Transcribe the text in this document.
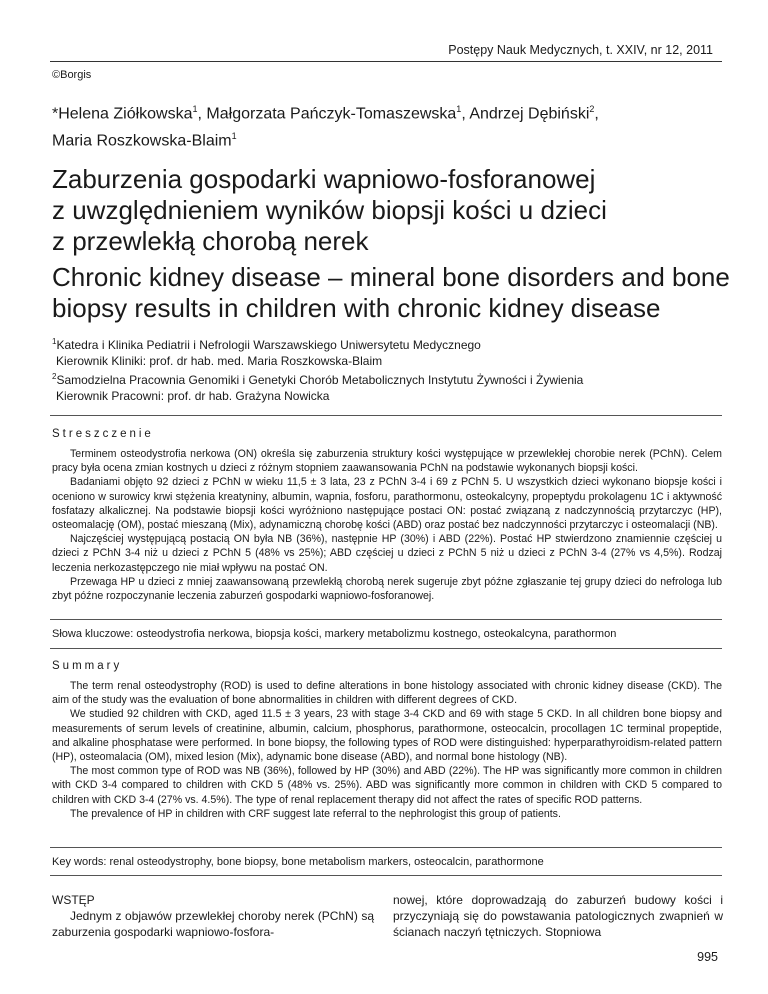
Postępy Nauk Medycznych, t. XXIV, nr 12, 2011
©Borgis
*Helena Ziółkowska$^1$, Małgorzata Pańczyk-Tomaszewska$^1$, Andrzej Dębiński$^2$,
Maria Roszkowska-Blaim$^1$
Zaburzenia gospodarki wapniowo-fosforanowej
z uwzględnieniem wyników biopsji kości u dzieci
z przewlekłą chorobą nerek
Chronic kidney disease – mineral bone disorders and bone
biopsy results in children with chronic kidney disease
$^1$Katedra i Klinika Pediatrii i Nefrologii Warszawskiego Uniwersytetu Medycznego
Kierownik Kliniki: prof. dr hab. med. Maria Roszkowska-Blaim
$^2$Samodzielna Pracownia Genomiki i Genetyki Chorób Metabolicznych Instytutu Żywności i Żywienia
Kierownik Pracowni: prof. dr hab. Grażyna Nowicka
Streszczenie

Terminem osteodystrofia nerkowa (ON) określa się zaburzenia struktury kości występujące w przewlekłej chorobie nerek (PChN). Celem pracy była ocena zmian kostnych u dzieci z różnym stopniem zaawansowania PChN na podstawie wykonanych biopsji kości.

Badaniami objęto 92 dzieci z PChN w wieku 11,5 ± 3 lata, 23 z PChN 3-4 i 69 z PChN 5. U wszystkich dzieci wykonano biopsje kości i oceniono w surowicy krwi stężenia kreatyniny, albumin, wapnia, fosforu, parathormonu, osteokalcyny, propeptydu prokolagenu 1C i aktywność fosfatazy alkalicznej. Na podstawie biopsji kości wyróżniono następujące postaci ON: postać związaną z nadczynnością przytarczyc (HP), osteomalację (OM), postać mieszaną (Mix), adynamiczną chorobę kości (ABD) oraz postać bez nadczynności przytarczyc i osteomalacji (NB).

Najczęściej występującą postacią ON była NB (36%), następnie HP (30%) i ABD (22%). Postać HP stwierdzono znamiennie częściej u dzieci z PChN 3-4 niż u dzieci z PChN 5 (48% vs 25%); ABD częściej u dzieci z PChN 5 niż u dzieci z PChN 3-4 (27% vs 4,5%). Rodzaj leczenia nerkozastępczego nie miał wpływu na postać ON.

Przewaga HP u dzieci z mniej zaawansowaną przewlekłą chorobą nerek sugeruje zbyt późne zgłaszanie tej grupy dzieci do nefrologa lub zbyt późne rozpoczynanie leczenia zaburzeń gospodarki wapniowo-fosforanowej.

Słowa kluczowe: osteodystrofia nerkowa, biopsja kości, markery metabolizmu kostnego, osteokalcyna, parathormon
Summary

The term renal osteodystrophy (ROD) is used to define alterations in bone histology associated with chronic kidney disease (CKD). The aim of the study was the evaluation of bone abnormalities in children with different degrees of CKD.

We studied 92 children with CKD, aged 11.5 ± 3 years, 23 with stage 3-4 CKD and 69 with stage 5 CKD. In all children bone biopsy and measurements of serum levels of creatinine, albumin, calcium, phosphorus, parathormone, osteocalcin, procollagen 1C terminal propeptide, and alkaline phosphatase were performed. In bone biopsy, the following types of ROD were distinguished: hyperparathyroidism-related pattern (HP), osteomalacia (OM), mixed lesion (Mix), adynamic bone disease (ABD), and normal bone histology (NB).

The most common type of ROD was NB (36%), followed by HP (30%) and ABD (22%). The HP was significantly more common in children with CKD 3-4 compared to children with CKD 5 (48% vs. 25%). ABD was significantly more common in children with CKD 5 compared to children with CKD 3-4 (27% vs. 4.5%). The type of renal replacement therapy did not affect the rates of specific ROD patterns.

The prevalence of HP in children with CRF suggest late referral to the nephrologist this group of patients.

Key words: renal osteodystrophy, bone biopsy, bone metabolism markers, osteocalcin, parathormone
WSTĘP

Jednym z objawów przewlekłej choroby nerek (PChN) są zaburzenia gospodarki wapniowo-fosfora-

nowej, które doprowadzają do zaburzeń budowy kości i przyczyniają się do powstawania patologicznych zwapnień w ścianach naczyń tętniczych. Stopniowa
995
